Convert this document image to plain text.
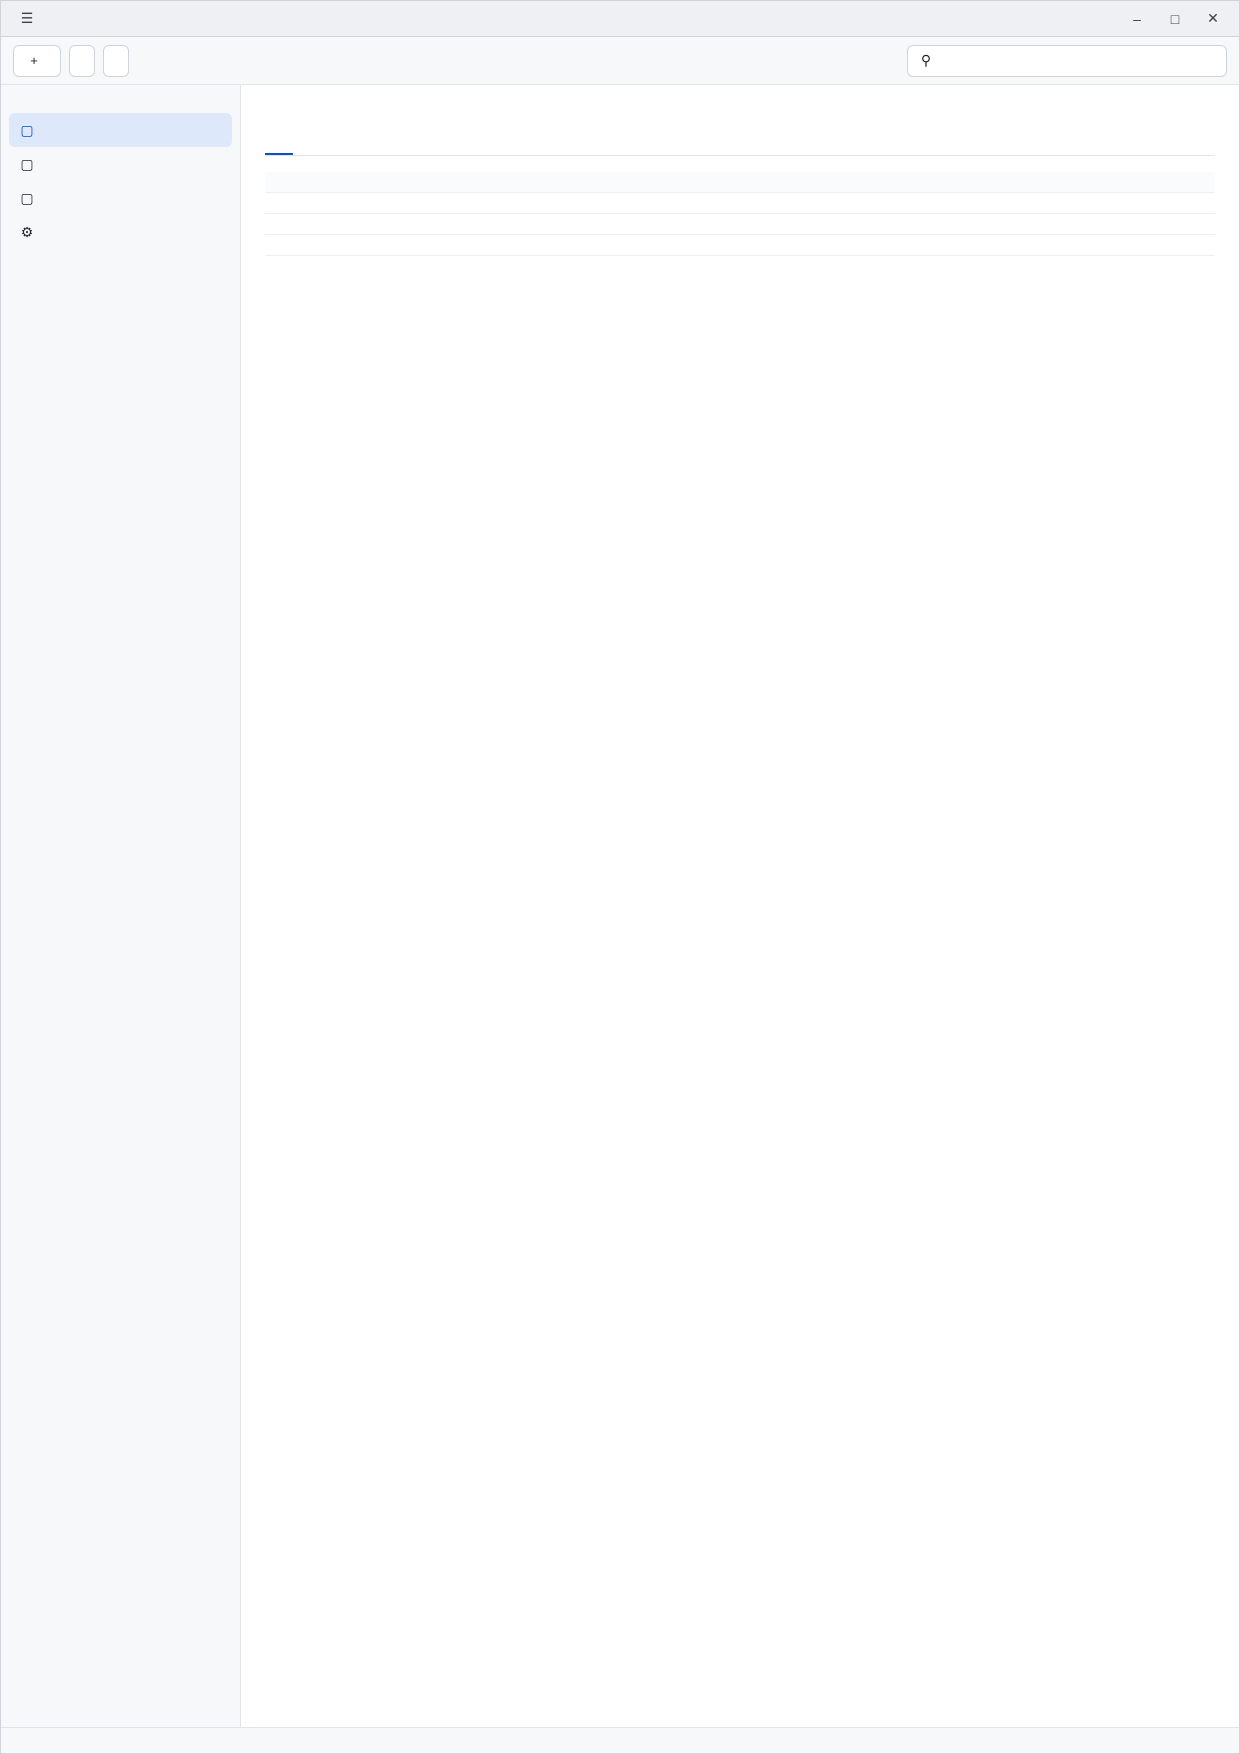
☰	–	□	✕
+	⚲
▢
▢
▢
⚙
